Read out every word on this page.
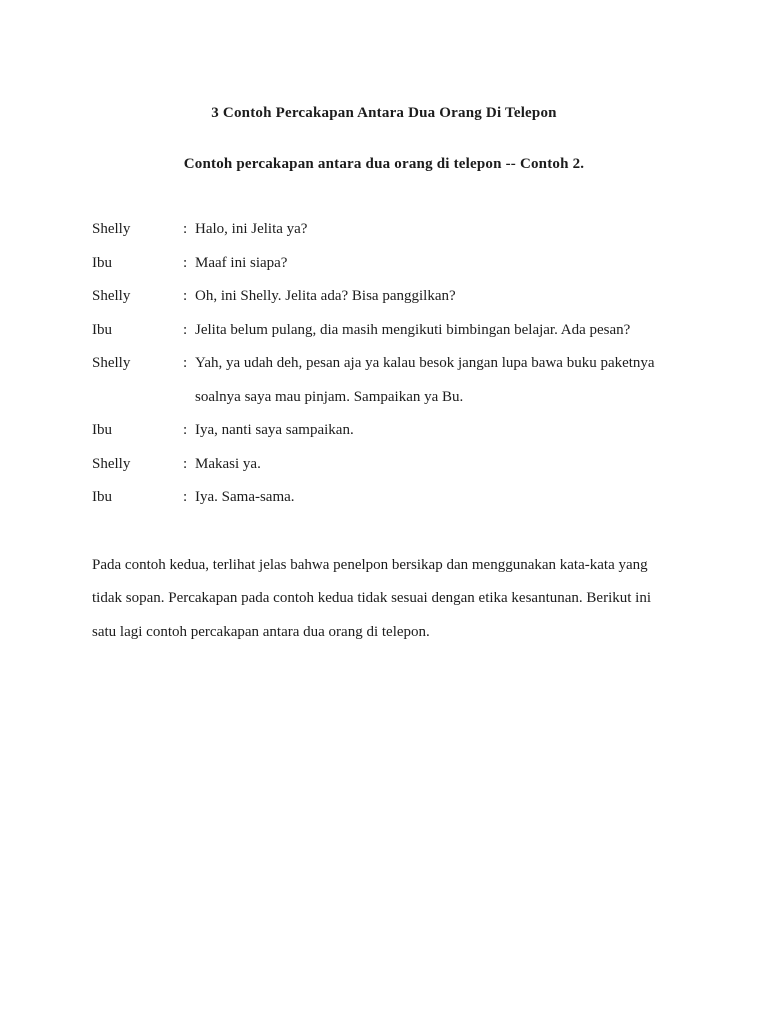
3 Contoh Percakapan Antara Dua Orang Di Telepon
Contoh percakapan antara dua orang di telepon -- Contoh 2.
Shelly	: Halo, ini Jelita ya?
Ibu	: Maaf ini siapa?
Shelly	: Oh, ini Shelly. Jelita ada? Bisa panggilkan?
Ibu	: Jelita belum pulang, dia masih mengikuti bimbingan belajar. Ada pesan?
Shelly	: Yah, ya udah deh, pesan aja ya kalau besok jangan lupa bawa buku paketnya
soalnya saya mau pinjam. Sampaikan ya Bu.
Ibu	: Iya, nanti saya sampaikan.
Shelly	: Makasi ya.
Ibu	: Iya. Sama-sama.
Pada contoh kedua, terlihat jelas bahwa penelpon bersikap dan menggunakan kata-kata yang
tidak sopan. Percakapan pada contoh kedua tidak sesuai dengan etika kesantunan. Berikut ini
satu lagi contoh percakapan antara dua orang di telepon.
